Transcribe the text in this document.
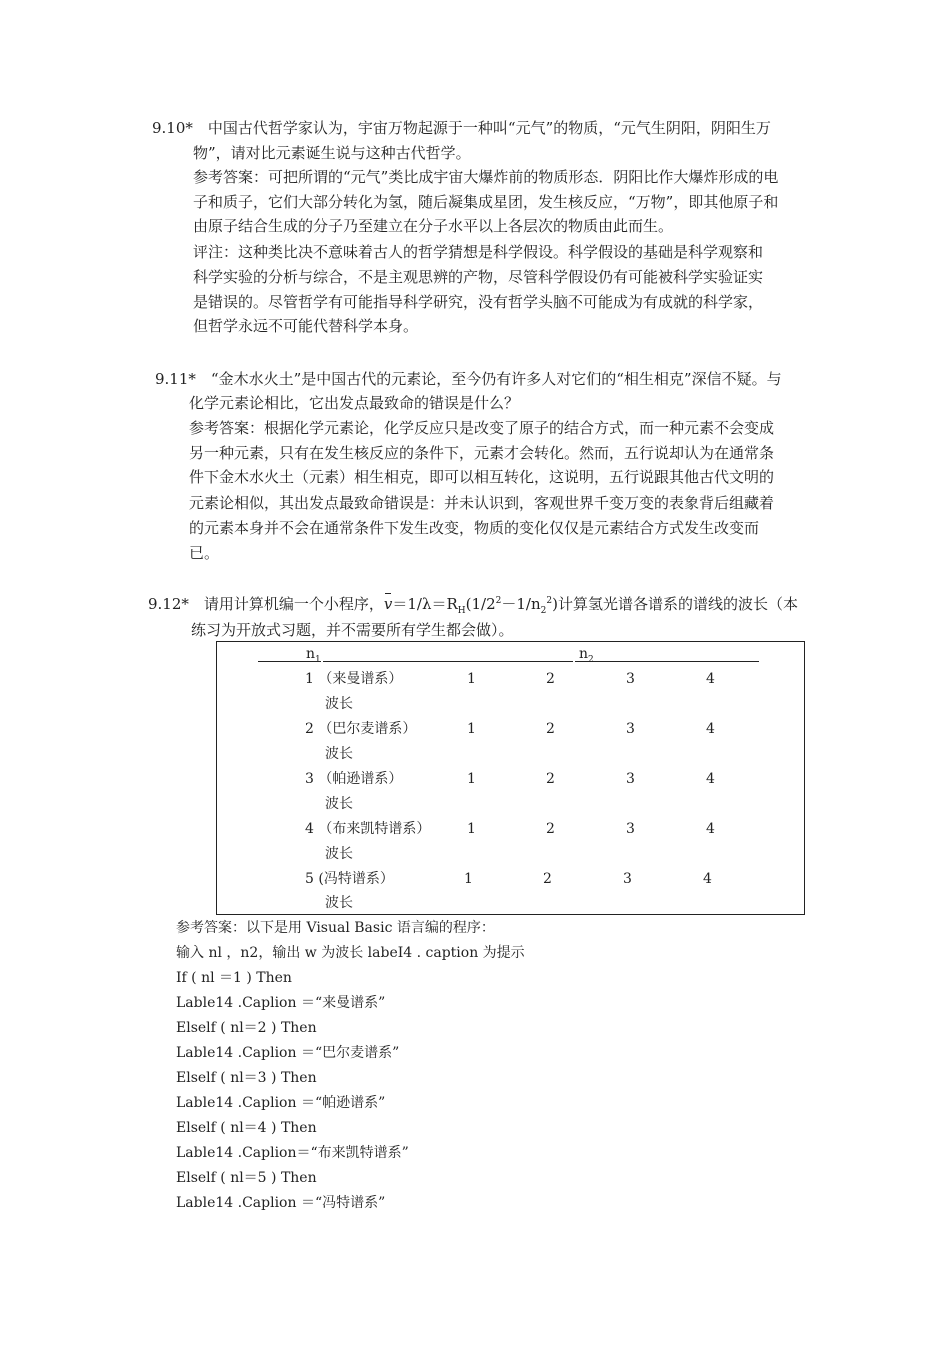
9.10*　中国古代哲学家认为，宇宙万物起源于一种叫“元气”的物质，“元气生阴阳，阴阳生万
物”，请对比元素诞生说与这种古代哲学。
参考答案：可把所谓的“元气”类比成宇宙大爆炸前的物质形态．阴阳比作大爆炸形成的电
子和质子，它们大部分转化为氢，随后凝集成星团，发生核反应，“万物”，即其他原子和
由原子结合生成的分子乃至建立在分子水平以上各层次的物质由此而生。
评注：这种类比决不意味着古人的哲学猜想是科学假设。科学假设的基础是科学观察和
科学实验的分析与综合，不是主观思辨的产物，尽管科学假设仍有可能被科学实验证实
是错误的。尽管哲学有可能指导科学研究，没有哲学头脑不可能成为有成就的科学家，
但哲学永远不可能代替科学本身。
9.11*　“金木水火土”是中国古代的元素论，至今仍有许多人对它们的“相生相克”深信不疑。与
化学元素论相比，它出发点最致命的错误是什么？
参考答案：根据化学元素论，化学反应只是改变了原子的结合方式，而一种元素不会变成
另一种元素，只有在发生核反应的条件下，元素才会转化。然而，五行说却认为在通常条
件下金木水火土（元素）相生相克，即可以相互转化，这说明，五行说跟其他古代文明的
元素论相似，其出发点最致命错误是：并未认识到，客观世界千变万变的表象背后组藏着
的元素本身并不会在通常条件下发生改变，物质的变化仅仅是元素结合方式发生改变而
已。
9.12*　请用计算机编一个小程序，$v=1/\lambda=R_H(1/2^2-1/n_2^2)$计算氢光谱各谱系的谱线的波长（本
练习为开放式习题，并不需要所有学生都会做）。
$n_1$	$n_2$
1 （来曼谱系）	1	2	3	4
波长
2 （巴尔麦谱系）	1	2	3	4
波长
3 （帕逊谱系）	1	2	3	4
波长
4 （布来凯特谱系）	1	2	3	4
波长
5 (冯特谱系）	1	2	3	4
波长
参考答案：以下是用 Visual Basic 语言编的程序：
输入 nl ，n2，输出 w 为波长 labeI4 . caption 为提示
If ( nl ＝1 ) Then
Lable14 .Caplion ＝“来曼谱系”
Elself ( nl＝2 ) Then
Lable14 .Caplion ＝“巴尔麦谱系”
Elself ( nl＝3 ) Then
Lable14 .Caplion ＝“帕逊谱系”
Elself ( nl＝4 ) Then
Lable14 .Caplion＝“布来凯特谱系”
Elself ( nl＝5 ) Then
Lable14 .Caplion ＝“冯特谱系”
